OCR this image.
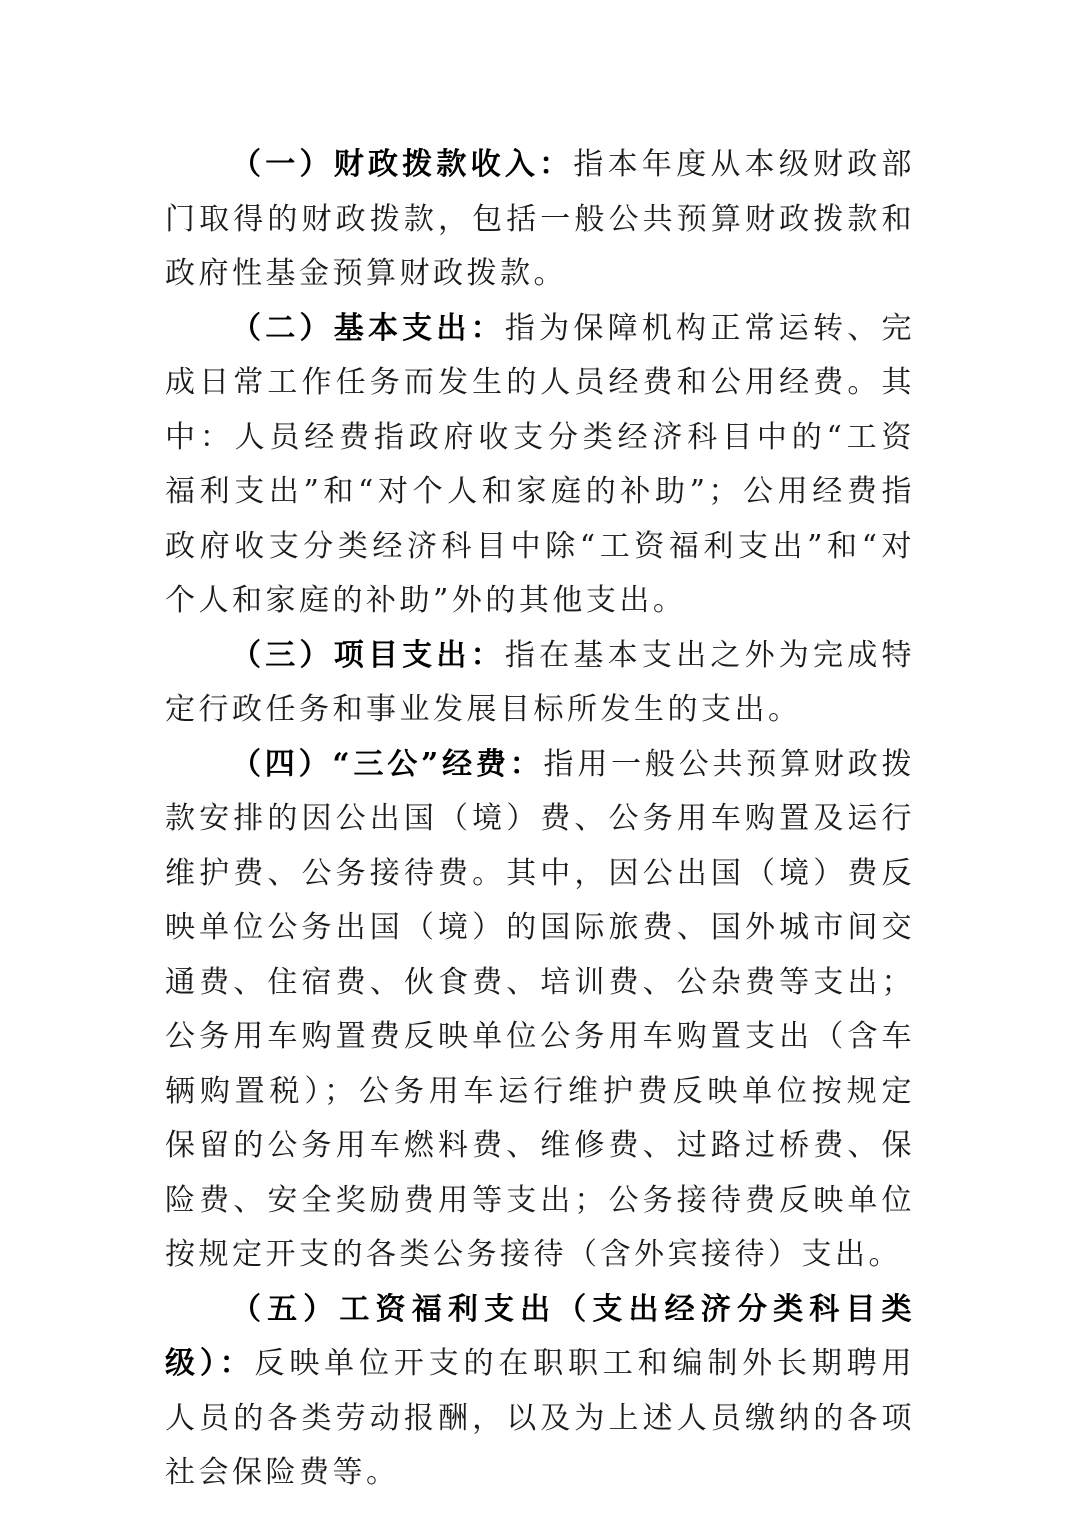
（一）财政拨款收入：指本年度从本级财政部门取得的财政拨款，包括一般公共预算财政拨款和政府性基金预算财政拨款。

（二）基本支出：指为保障机构正常运转、完成日常工作任务而发生的人员经费和公用经费。其中：人员经费指政府收支分类经济科目中的“工资福利支出”和“对个人和家庭的补助”；公用经费指政府收支分类经济科目中除“工资福利支出”和“对个人和家庭的补助”外的其他支出。

（三）项目支出：指在基本支出之外为完成特定行政任务和事业发展目标所发生的支出。

（四）“三公”经费：指用一般公共预算财政拨款安排的因公出国（境）费、公务用车购置及运行维护费、公务接待费。其中，因公出国（境）费反映单位公务出国（境）的国际旅费、国外城市间交通费、住宿费、伙食费、培训费、公杂费等支出；公务用车购置费反映单位公务用车购置支出（含车辆购置税）；公务用车运行维护费反映单位按规定保留的公务用车燃料费、维修费、过路过桥费、保险费、安全奖励费用等支出；公务接待费反映单位按规定开支的各类公务接待（含外宾接待）支出。

（五）工资福利支出（支出经济分类科目类级）：反映单位开支的在职职工和编制外长期聘用人员的各类劳动报酬，以及为上述人员缴纳的各项社会保险费等。
